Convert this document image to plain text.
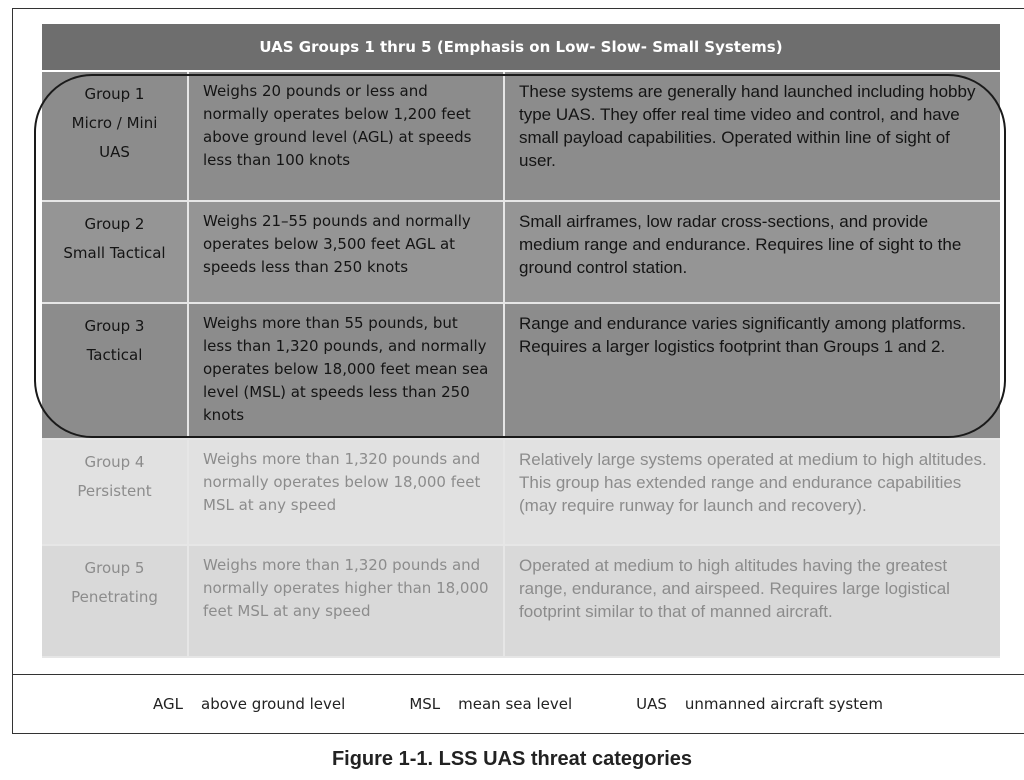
UAS Groups 1 thru 5 (Emphasis on Low- Slow- Small Systems)
Group 1
Micro / Mini
UAS
Weighs 20 pounds or less and normally operates below 1,200 feet above ground level (AGL) at speeds less than 100 knots
These systems are generally hand launched including hobby type UAS. They offer real time video and control, and have small payload capabilities. Operated within line of sight of user.
Group 2
Small Tactical
Weighs 21–55 pounds and normally operates below 3,500 feet AGL at speeds less than 250 knots
Small airframes, low radar cross-sections, and provide medium range and endurance. Requires line of sight to the ground control station.
Group 3
Tactical
Weighs more than 55 pounds, but less than 1,320 pounds, and normally operates below 18,000 feet mean sea level (MSL) at speeds less than 250 knots
Range and endurance varies significantly among platforms. Requires a larger logistics footprint than Groups 1 and 2.
Group 4
Persistent
Weighs more than 1,320 pounds and normally operates below 18,000 feet MSL at any speed
Relatively large systems operated at medium to high altitudes. This group has extended range and endurance capabilities (may require runway for launch and recovery).
Group 5
Penetrating
Weighs more than 1,320 pounds and normally operates higher than 18,000 feet MSL at any speed
Operated at medium to high altitudes having the greatest range, endurance, and airspeed. Requires large logistical footprint similar to that of manned aircraft.
AGL above ground level	MSL mean sea level	UAS unmanned aircraft system
Figure 1-1. LSS UAS threat categories
